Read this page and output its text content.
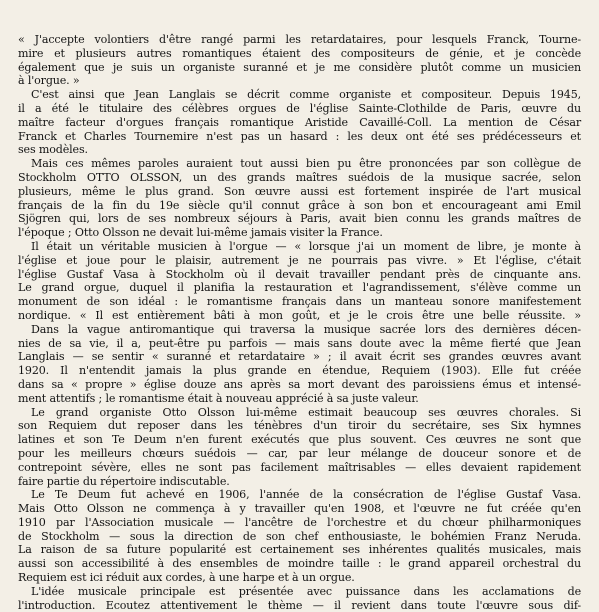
« J'accepte volontiers d'être rangé parmi les retardataires, pour lesquels Franck, Tourne-
mire et plusieurs autres romantiques étaient des compositeurs de génie, et je concède
également que je suis un organiste suranné et je me considère plutôt comme un musicien
à l'orgue. »
C'est ainsi que Jean Langlais se décrit comme organiste et compositeur. Depuis 1945,
il a été le titulaire des célèbres orgues de l'église Sainte-Clothilde de Paris, œuvre du
maître facteur d'orgues français romantique Aristide Cavaillé-Coll. La mention de César
Franck et Charles Tournemire n'est pas un hasard : les deux ont été ses prédécesseurs et
ses modèles.
Mais ces mêmes paroles auraient tout aussi bien pu être prononcées par son collègue de
Stockholm OTTO OLSSON, un des grands maîtres suédois de la musique sacrée, selon
plusieurs, même le plus grand. Son œuvre aussi est fortement inspirée de l'art musical
français de la fin du 19e siècle qu'il connut grâce à son bon et encourageant ami Emil
Sjögren qui, lors de ses nombreux séjours à Paris, avait bien connu les grands maîtres de
l'époque ; Otto Olsson ne devait lui-même jamais visiter la France.
Il était un véritable musicien à l'orgue — « lorsque j'ai un moment de libre, je monte à
l'église et joue pour le plaisir, autrement je ne pourrais pas vivre. » Et l'église, c'était
l'église Gustaf Vasa à Stockholm où il devait travailler pendant près de cinquante ans.
Le grand orgue, duquel il planifia la restauration et l'agrandissement, s'élève comme un
monument de son idéal : le romantisme français dans un manteau sonore manifestement
nordique. « Il est entièrement bâti à mon goût, et je le crois être une belle réussite. »
Dans la vague antiromantique qui traversa la musique sacrée lors des dernières décen-
nies de sa vie, il a, peut-être pu parfois — mais sans doute avec la même fierté que Jean
Langlais — se sentir « suranné et retardataire » ; il avait écrit ses grandes œuvres avant
1920. Il n'entendit jamais la plus grande en étendue, Requiem (1903). Elle fut créée
dans sa « propre » église douze ans après sa mort devant des paroissiens émus et intensé-
ment attentifs ; le romantisme était à nouveau apprécié à sa juste valeur.
Le grand organiste Otto Olsson lui-même estimait beaucoup ses œuvres chorales. Si
son Requiem dut reposer dans les ténèbres d'un tiroir du secrétaire, ses Six hymnes
latines et son Te Deum n'en furent exécutés que plus souvent. Ces œuvres ne sont que
pour les meilleurs chœurs suédois — car, par leur mélange de douceur sonore et de
contrepoint sévère, elles ne sont pas facilement maîtrisables — elles devaient rapidement
faire partie du répertoire indiscutable.
Le Te Deum fut achevé en 1906, l'année de la consécration de l'église Gustaf Vasa.
Mais Otto Olsson ne commença à y travailler qu'en 1908, et l'œuvre ne fut créée qu'en
1910 par l'Association musicale — l'ancêtre de l'orchestre et du chœur philharmoniques
de Stockholm — sous la direction de son chef enthousiaste, le bohémien Franz Neruda.
La raison de sa future popularité est certainement ses inhérentes qualités musicales, mais
aussi son accessibilité à des ensembles de moindre taille : le grand appareil orchestral du
Requiem est ici réduit aux cordes, à une harpe et à un orgue.
L'idée musicale principale est présentée avec puissance dans les acclamations de
l'introduction. Ecoutez attentivement le thème — il revient dans toute l'œuvre sous dif-
